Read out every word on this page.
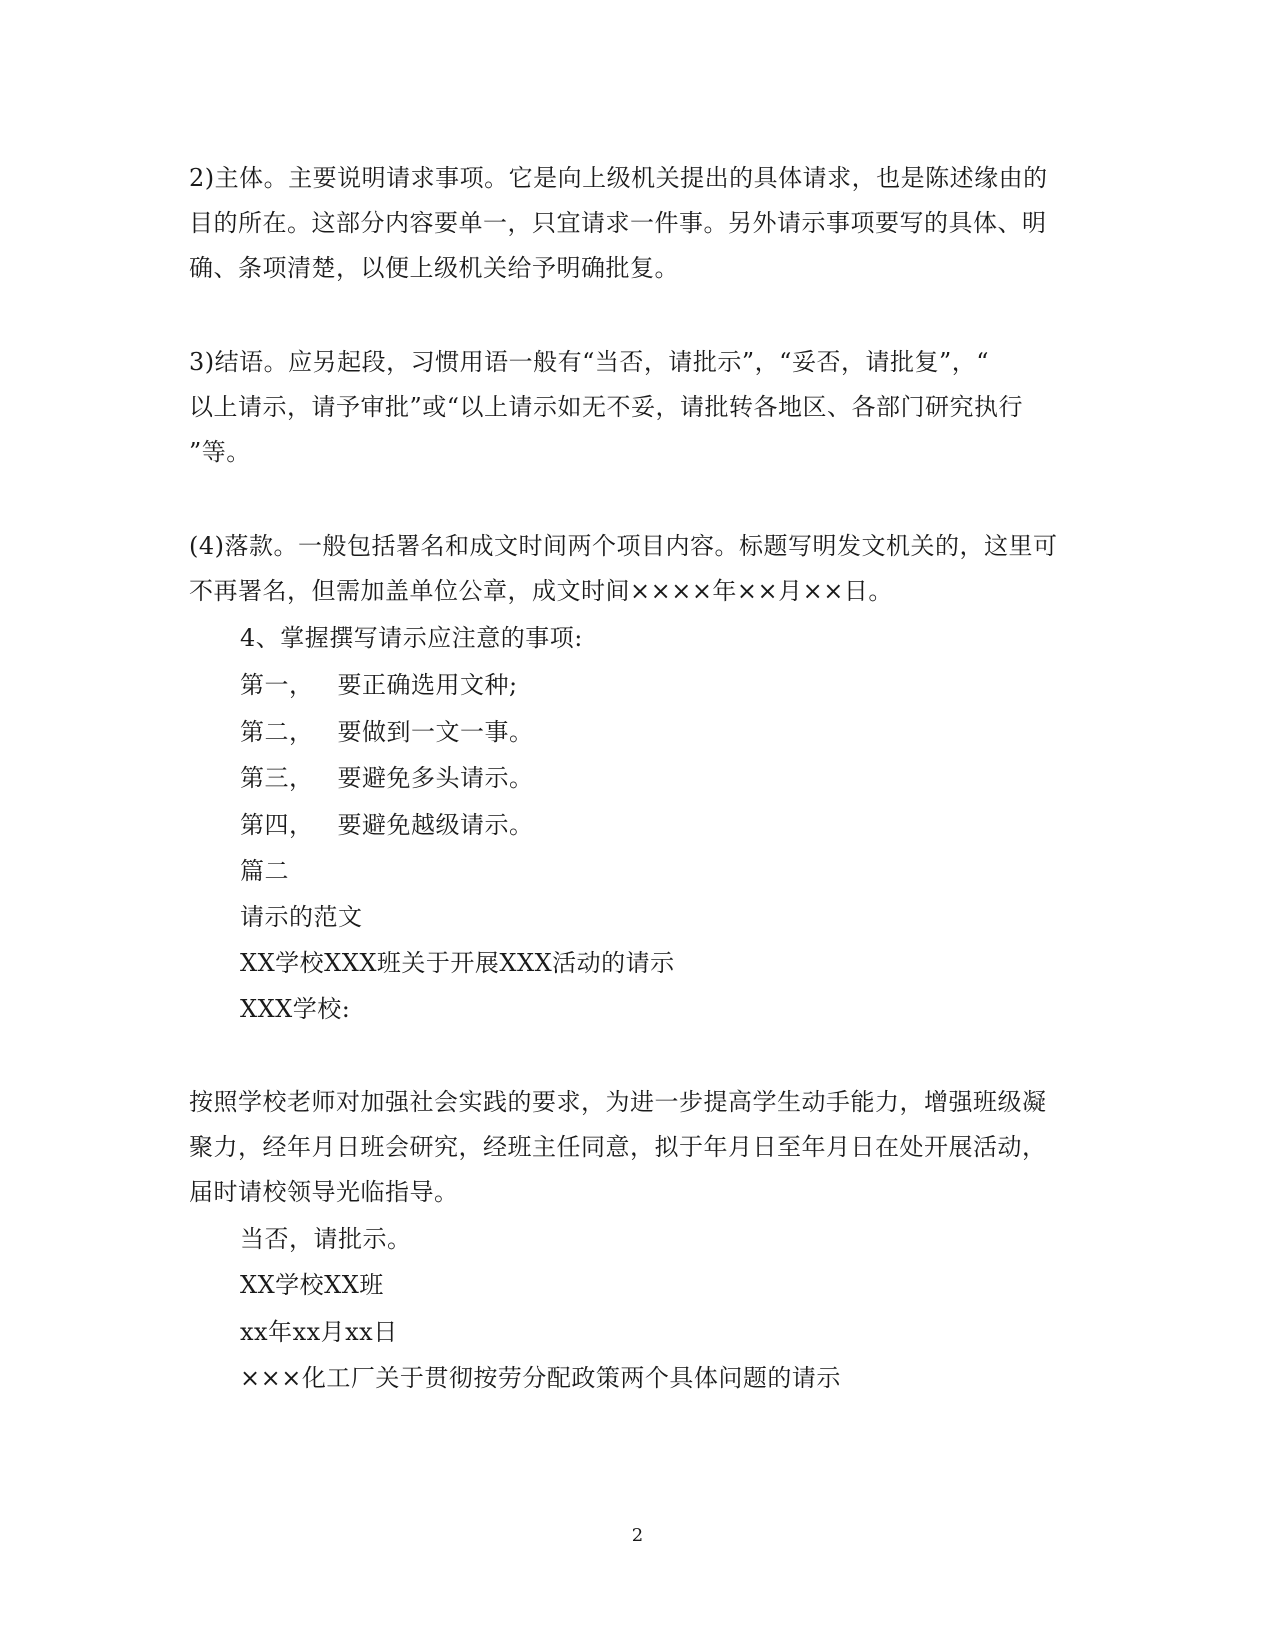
2)主体。主要说明请求事项。它是向上级机关提出的具体请求，也是陈述缘由的
目的所在。这部分内容要单一，只宜请求一件事。另外请示事项要写的具体、明
确、条项清楚，以便上级机关给予明确批复。
3)结语。应另起段，习惯用语一般有“当否，请批示”，“妥否，请批复”，“
以上请示，请予审批”或“以上请示如无不妥，请批转各地区、各部门研究执行
”等。
(4)落款。一般包括署名和成文时间两个项目内容。标题写明发文机关的，这里可
不再署名，但需加盖单位公章，成文时间××××年××月××日。
4、掌握撰写请示应注意的事项:
第一， 要正确选用文种;
第二， 要做到一文一事。
第三， 要避免多头请示。
第四， 要避免越级请示。
篇二
请示的范文
XX学校XXX班关于开展XXX活动的请示
XXX学校:
按照学校老师对加强社会实践的要求，为进一步提高学生动手能力，增强班级凝
聚力，经年月日班会研究，经班主任同意，拟于年月日至年月日在处开展活动，
届时请校领导光临指导。
当否，请批示。
XX学校XX班
xx年xx月xx日
×××化工厂关于贯彻按劳分配政策两个具体问题的请示
2
